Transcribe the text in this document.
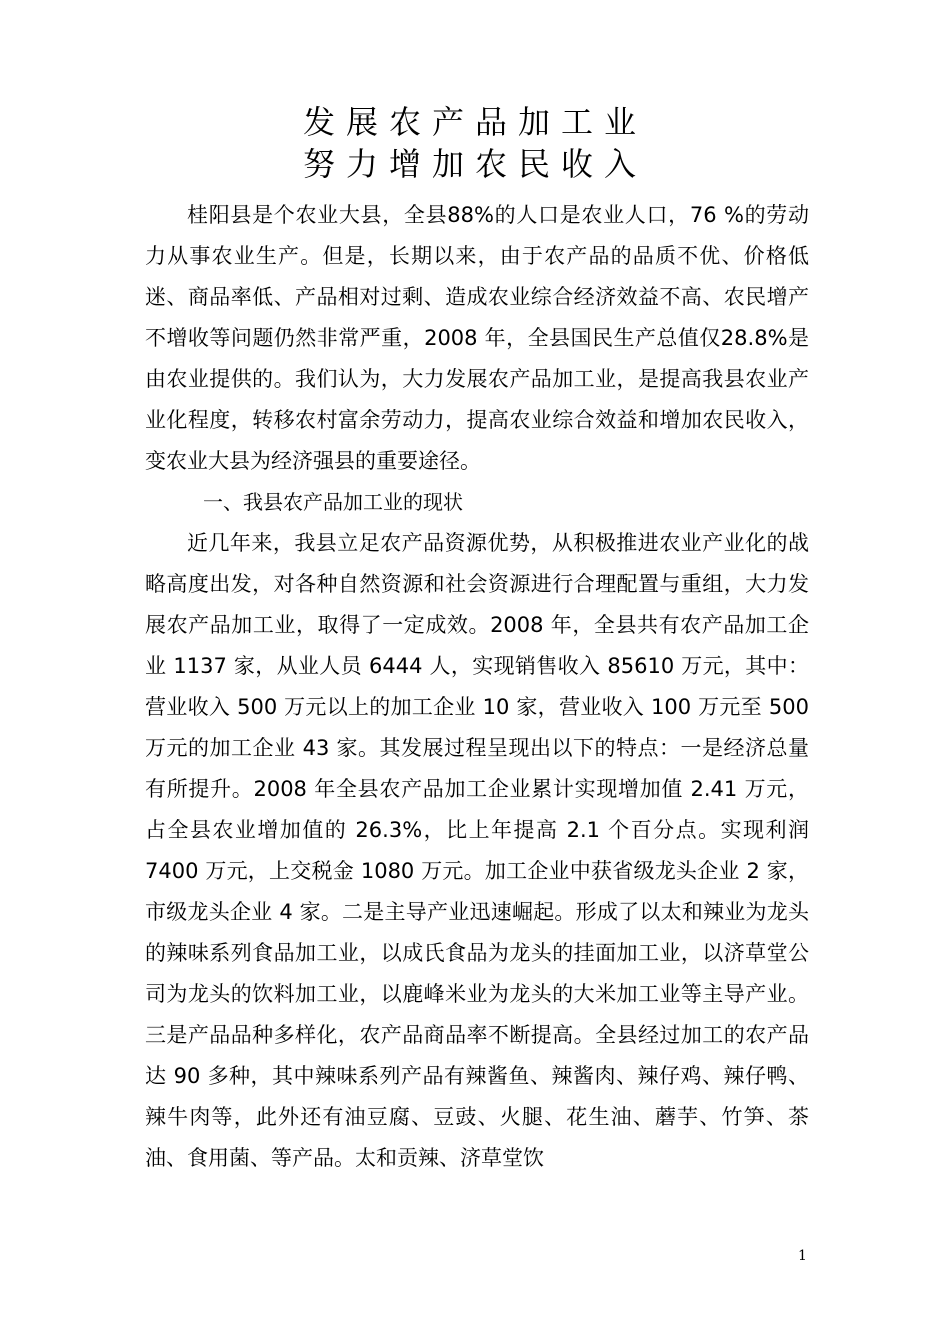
发展农产品加工业
努力增加农民收入

桂阳县是个农业大县，全县88%的人口是农业人口，76 %的劳动力从事农业生产。但是，长期以来，由于农产品的品质不优、价格低迷、商品率低、产品相对过剩、造成农业综合经济效益不高、农民增产不增收等问题仍然非常严重，2008 年，全县国民生产总值仅28.8%是由农业提供的。我们认为，大力发展农产品加工业，是提高我县农业产业化程度，转移农村富余劳动力，提高农业综合效益和增加农民收入，变农业大县为经济强县的重要途径。

一、我县农产品加工业的现状

近几年来，我县立足农产品资源优势，从积极推进农业产业化的战略高度出发，对各种自然资源和社会资源进行合理配置与重组，大力发展农产品加工业，取得了一定成效。2008 年，全县共有农产品加工企业 1137 家，从业人员 6444 人，实现销售收入 85610 万元，其中：营业收入 500 万元以上的加工企业 10 家，营业收入 100 万元至 500 万元的加工企业 43 家。其发展过程呈现出以下的特点：一是经济总量有所提升。2008 年全县农产品加工企业累计实现增加值 2.41 万元，占全县农业增加值的 26.3%，比上年提高 2.1 个百分点。实现利润 7400 万元，上交税金 1080 万元。加工企业中获省级龙头企业 2 家，市级龙头企业 4 家。二是主导产业迅速崛起。形成了以太和辣业为龙头的辣味系列食品加工业，以成氏食品为龙头的挂面加工业，以济草堂公司为龙头的饮料加工业，以鹿峰米业为龙头的大米加工业等主导产业。三是产品品种多样化，农产品商品率不断提高。全县经过加工的农产品达 90 多种，其中辣味系列产品有辣酱鱼、辣酱肉、辣仔鸡、辣仔鸭、辣牛肉等，此外还有油豆腐、豆豉、火腿、花生油、蘑芋、竹笋、茶油、食用菌、等产品。太和贡辣、济草堂饮

1
